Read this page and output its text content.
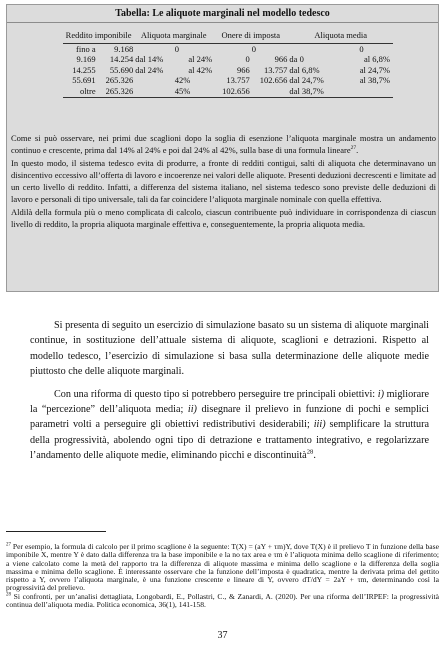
Tabella: Le aliquote marginali nel modello tedesco
Reddito imponibile		Aliquota marginale		Onere di imposta		Aliquota media			
fino a	9.168		0		0			0	
9.169	14.254	dal 14%	al 24%	0	966	da 0		al 6,8%	
14.255	55.690	dal 24%	al 42%	966	13.757	dal 6,8%		al 24,7%	
55.691	265.326		42%	13.757	102.656	dal 24,7%		al 38,7%	
oltre	265.326		45%	102.656		dal 38,7%			

Come si può osservare, nei primi due scaglioni dopo la soglia di esenzione l’aliquota marginale mostra un andamento continuo e crescente, prima dal 14% al 24% e poi dal 24% al 42%, sulla base di una formula lineare$^{27}$.

In questo modo, il sistema tedesco evita di produrre, a fronte di redditi contigui, salti di aliquota che determinavano un disincentivo eccessivo all’offerta di lavoro e incoerenze nei valori delle aliquote. Presenti deduzioni decrescenti e limitate ad un certo livello di reddito. Infatti, a differenza del sistema italiano, nel sistema tedesco sono previste delle deduzioni di lavoro e personali di tipo universale, tali da far coincidere l’aliquota marginale nominale con quella effettiva.

Aldilà della formula più o meno complicata di calcolo, ciascun contribuente può individuare in corrispondenza di ciascun livello di reddito, la propria aliquota marginale effettiva e, conseguentemente, la propria aliquota media.

Si presenta di seguito un esercizio di simulazione basato su un sistema di aliquote marginali continue, in sostituzione dell’attuale sistema di aliquote, scaglioni e detrazioni. Rispetto al modello tedesco, l’esercizio di simulazione si basa sulla determinazione delle aliquote medie piuttosto che delle aliquote marginali.

Con una riforma di questo tipo si potrebbero perseguire tre principali obiettivi: i) migliorare la “percezione” dell’aliquota media; ii) disegnare il prelievo in funzione di pochi e semplici parametri volti a perseguire gli obiettivi redistributivi desiderabili; iii) semplificare la struttura della progressività, abolendo ogni tipo di detrazione e trattamento integrativo, e regolarizzare l’andamento delle aliquote medie, eliminando picchi e discontinuità$^{28}$.

$^{27}$ Per esempio, la formula di calcolo per il primo scaglione è la seguente: T(X) = (aY + τm)Y, dove T(X) è il prelievo T in funzione della base imponibile X, mentre Y è dato dalla differenza tra la base imponibile e la no tax area e τm è l’aliquota minima dello scaglione di riferimento; a viene calcolato come la metà del rapporto tra la differenza di aliquote massima e minima dello scaglione e la differenza della soglia massima e minima dello scaglione. È interessante osservare che la funzione dell’imposta è quadratica, mentre la derivata prima del gettito rispetto a Y, ovvero l’aliquota marginale, è una funzione crescente e lineare di Y, ovvero dT/dY = 2aY + τm, determinando così la progressività del prelievo.

$^{28}$ Si confronti, per un’analisi dettagliata, Longobardi, E., Pollastri, C., & Zanardi, A. (2020). Per una riforma dell’IRPEF: la progressività continua dell’aliquota media. Politica economica, 36(1), 141-158.

37
